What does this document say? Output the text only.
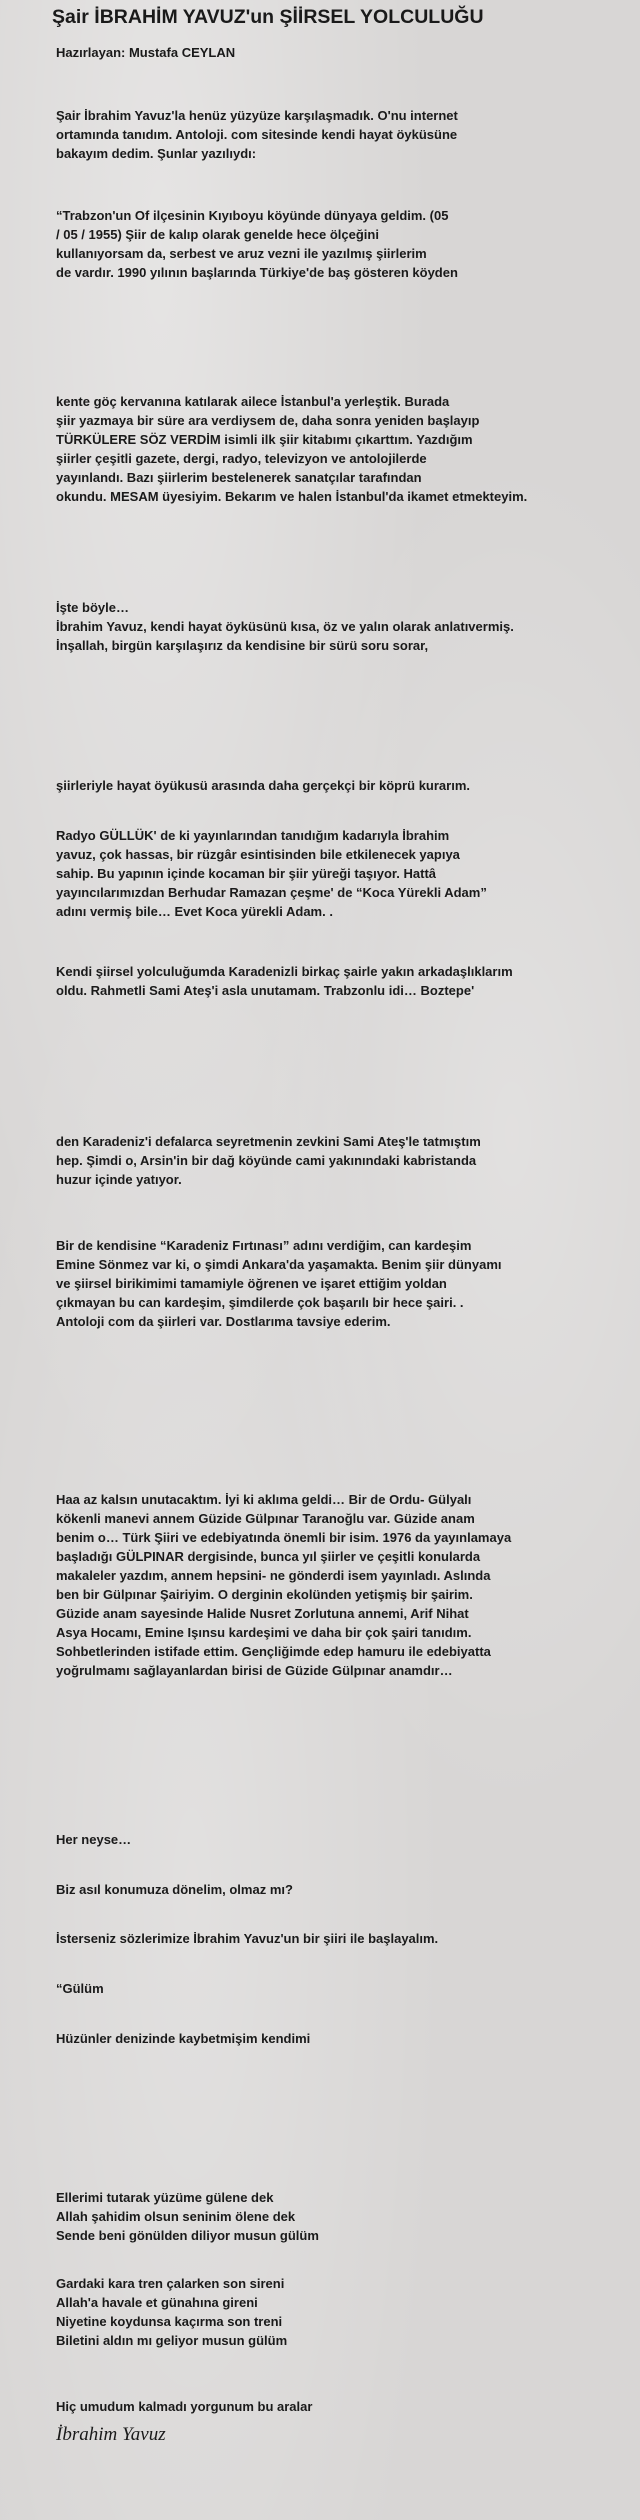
Şair İBRAHİM YAVUZ'un ŞİİRSEL YOLCULUĞU
Hazırlayan: Mustafa CEYLAN
Şair İbrahim Yavuz'la henüz yüzyüze karşılaşmadık. O'nu internet
ortamında tanıdım. Antoloji. com sitesinde kendi hayat öyküsüne
bakayım dedim. Şunlar yazılıydı:
“Trabzon'un Of ilçesinin Kıyıboyu köyünde dünyaya geldim. (05
/ 05 / 1955) Şiir de kalıp olarak genelde hece ölçeğini
kullanıyorsam da, serbest ve aruz vezni ile yazılmış şiirlerim
de vardır. 1990 yılının başlarında Türkiye'de baş gösteren köyden
kente göç kervanına katılarak ailece İstanbul'a yerleştik. Burada
şiir yazmaya bir süre ara verdiysem de, daha sonra yeniden başlayıp
TÜRKÜLERE SÖZ VERDİM isimli ilk şiir kitabımı çıkarttım. Yazdığım
şiirler çeşitli gazete, dergi, radyo, televizyon ve antolojilerde
yayınlandı. Bazı şiirlerim bestelenerek sanatçılar tarafından
okundu. MESAM üyesiyim. Bekarım ve halen İstanbul'da ikamet etmekteyim.
İşte böyle…
İbrahim Yavuz, kendi hayat öyküsünü kısa, öz ve yalın olarak anlatıvermiş.
İnşallah, birgün karşılaşırız da kendisine bir sürü soru sorar,
şiirleriyle hayat öyükusü arasında daha gerçekçi bir köprü kurarım.
Radyo GÜLLÜK' de ki yayınlarından tanıdığım kadarıyla İbrahim
yavuz, çok hassas, bir rüzgâr esintisinden bile etkilenecek yapıya
sahip. Bu yapının içinde kocaman bir şiir yüreği taşıyor. Hattâ
yayıncılarımızdan Berhudar Ramazan çeşme' de “Koca Yürekli Adam”
adını vermiş bile… Evet Koca yürekli Adam. .
Kendi şiirsel yolculuğumda Karadenizli birkaç şairle yakın arkadaşlıklarım
oldu. Rahmetli Sami Ateş'i asla unutamam. Trabzonlu idi… Boztepe'
den Karadeniz'i defalarca seyretmenin zevkini Sami Ateş'le tatmıştım
hep. Şimdi o, Arsin'in bir dağ köyünde cami yakınındaki kabristanda
huzur içinde yatıyor.
Bir de kendisine “Karadeniz Fırtınası” adını verdiğim, can kardeşim
Emine Sönmez var ki, o şimdi Ankara'da yaşamakta. Benim şiir dünyamı
ve şiirsel birikimimi tamamiyle öğrenen ve işaret ettiğim yoldan
çıkmayan bu can kardeşim, şimdilerde çok başarılı bir hece şairi. .
Antoloji com da şiirleri var. Dostlarıma tavsiye ederim.
Haa az kalsın unutacaktım. İyi ki aklıma geldi… Bir de Ordu- Gülyalı
kökenli manevi annem Güzide Gülpınar Taranoğlu var. Güzide anam
benim o… Türk Şiiri ve edebiyatında önemli bir isim. 1976 da yayınlamaya
başladığı GÜLPINAR dergisinde, bunca yıl şiirler ve çeşitli konularda
makaleler yazdım, annem hepsini- ne gönderdi isem yayınladı. Aslında
ben bir Gülpınar Şairiyim. O derginin ekolünden yetişmiş bir şairim.
Güzide anam sayesinde Halide Nusret Zorlutuna annemi, Arif Nihat
Asya Hocamı, Emine Işınsu kardeşimi ve daha bir çok şairi tanıdım.
Sohbetlerinden istifade ettim. Gençliğimde edep hamuru ile edebiyatta
yoğrulmamı sağlayanlardan birisi de Güzide Gülpınar anamdır…
Her neyse…
Biz asıl konumuza dönelim, olmaz mı?
İsterseniz sözlerimize İbrahim Yavuz'un bir şiiri ile başlayalım.
“Gülüm
Hüzünler denizinde kaybetmişim kendimi
Ellerimi tutarak yüzüme gülene dek
Allah şahidim olsun seninim ölene dek
Sende beni gönülden diliyor musun gülüm
Gardaki kara tren çalarken son sireni
Allah'a havale et günahına gireni
Niyetine koydunsa kaçırma son treni
Biletini aldın mı geliyor musun gülüm
Hiç umudum kalmadı yorgunum bu aralar
İbrahim Yavuz
